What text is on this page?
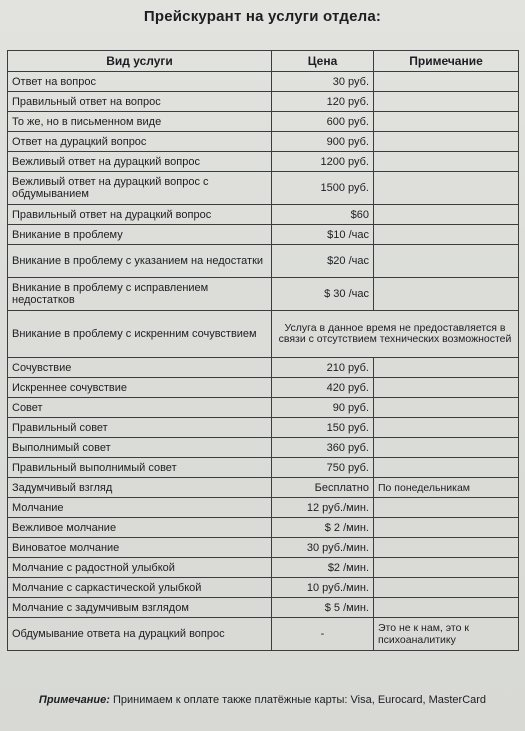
Прейскурант на услуги отдела:
Вид услуги	Цена	Примечание
Ответ на вопрос	30 руб.	
Правильный ответ на вопрос	120 руб.	
То же, но в письменном виде	600 руб.	
Ответ на дурацкий вопрос	900 руб.	
Вежливый ответ на дурацкий вопрос	1200 руб.	
Вежливый ответ на дурацкий вопрос с обдумыванием	1500 руб.	
Правильный ответ на дурацкий вопрос	$60	
Вникание в проблему	$10 /час	
Вникание в проблему с указанием на недостатки	$20 /час	
Вникание в проблему с исправлением недостатков	$ 30 /час	
Вникание в проблему с искренним сочувствием	Услуга в данное время не предоставляется в связи с отсутствием технических возможностей	
Сочувствие	210 руб.	
Искреннее сочувствие	420 руб.	
Совет	90 руб.	
Правильный совет	150 руб.	
Выполнимый совет	360 руб.	
Правильный выполнимый совет	750 руб.	
Задумчивый взгляд	Бесплатно	По понедельникам
Молчание	12 руб./мин.	
Вежливое молчание	$ 2 /мин.	
Виноватое молчание	30 руб./мин.	
Молчание с радостной улыбкой	$2 /мин.	
Молчание с саркастической улыбкой	10 руб./мин.	
Молчание с задумчивым взглядом	$ 5 /мин.	
Обдумывание ответа на дурацкий вопрос	-	Это не к нам, это к психоаналитику
Примечание: Принимаем к оплате также платёжные карты: Visa, Eurocard, MasterCard
